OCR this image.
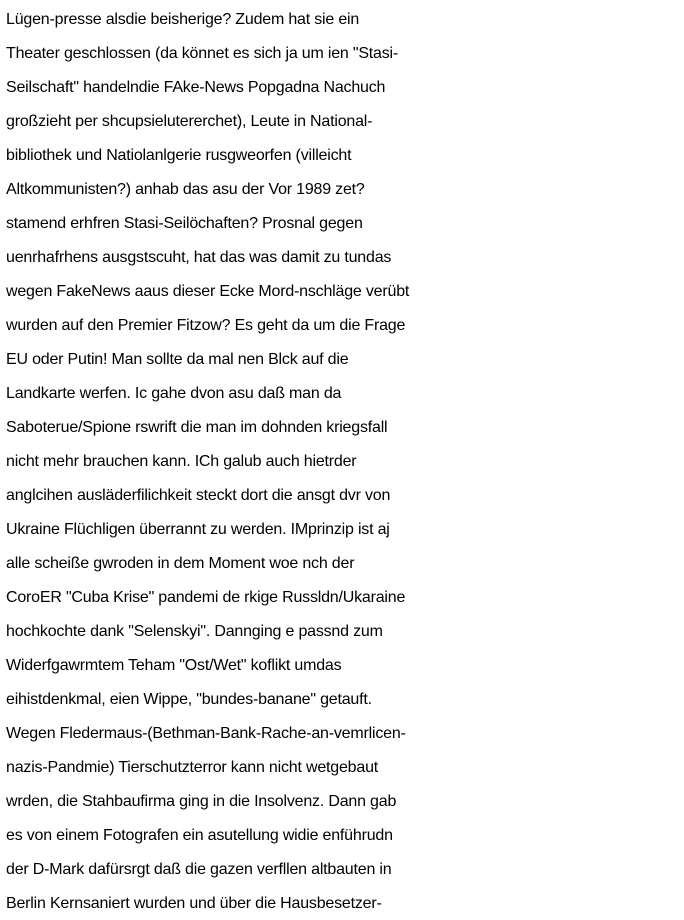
Lügen-presse alsdie beisherige? Zudem hat sie ein
Theater geschlossen (da könnet es sich ja um ien "Stasi-
Seilschaft" handelndie FAke-News Popgadna Nachuch
großzieht per shcupsielutererchet), Leute in National-
bibliothek und Natiolanlgerie rusgweorfen (villeicht
Altkommunisten?) anhab das asu der Vor 1989 zet?
stamend erhfren Stasi-Seilöchaften? Prosnal gegen
uenrhafrhens ausgstscuht, hat das was damit zu tundas
wegen FakeNews aaus dieser Ecke Mord-nschläge verübt
wurden auf den Premier Fitzow? Es geht da um die Frage
EU oder Putin! Man sollte da mal nen Blck auf die
Landkarte werfen. Ic gahe dvon asu daß man da
Saboterue/Spione rswrift die man im dohnden kriegsfall
nicht mehr brauchen kann. ICh galub auch hietrder
anglcihen ausläderfilichkeit steckt dort die ansgt dvr von
Ukraine Flüchligen überrannt zu werden. IMprinzip ist aj
alle scheiße gwroden in dem Moment woe nch der
CoroER "Cuba Krise" pandemi de rkige Russldn/Ukaraine
hochkochte dank "Selenskyi". Dannging e passnd zum
Widerfgawrmtem Teham "Ost/Wet" koflikt umdas
eihistdenkmal, eien Wippe, "bundes-banane" getauft.
Wegen Fledermaus-(Bethman-Bank-Rache-an-vemrlicen-
nazis-Pandmie) Tierschutzterror kann nicht wetgebaut
wrden, die Stahbaufirma ging in die Insolvenz. Dann gab
es von einem Fotografen ein asutellung widie enführudn
der D-Mark dafürsrgt daß die gazen verfllen altbauten in
Berlin Kernsaniert wurden und über die Hausbesetzer-
